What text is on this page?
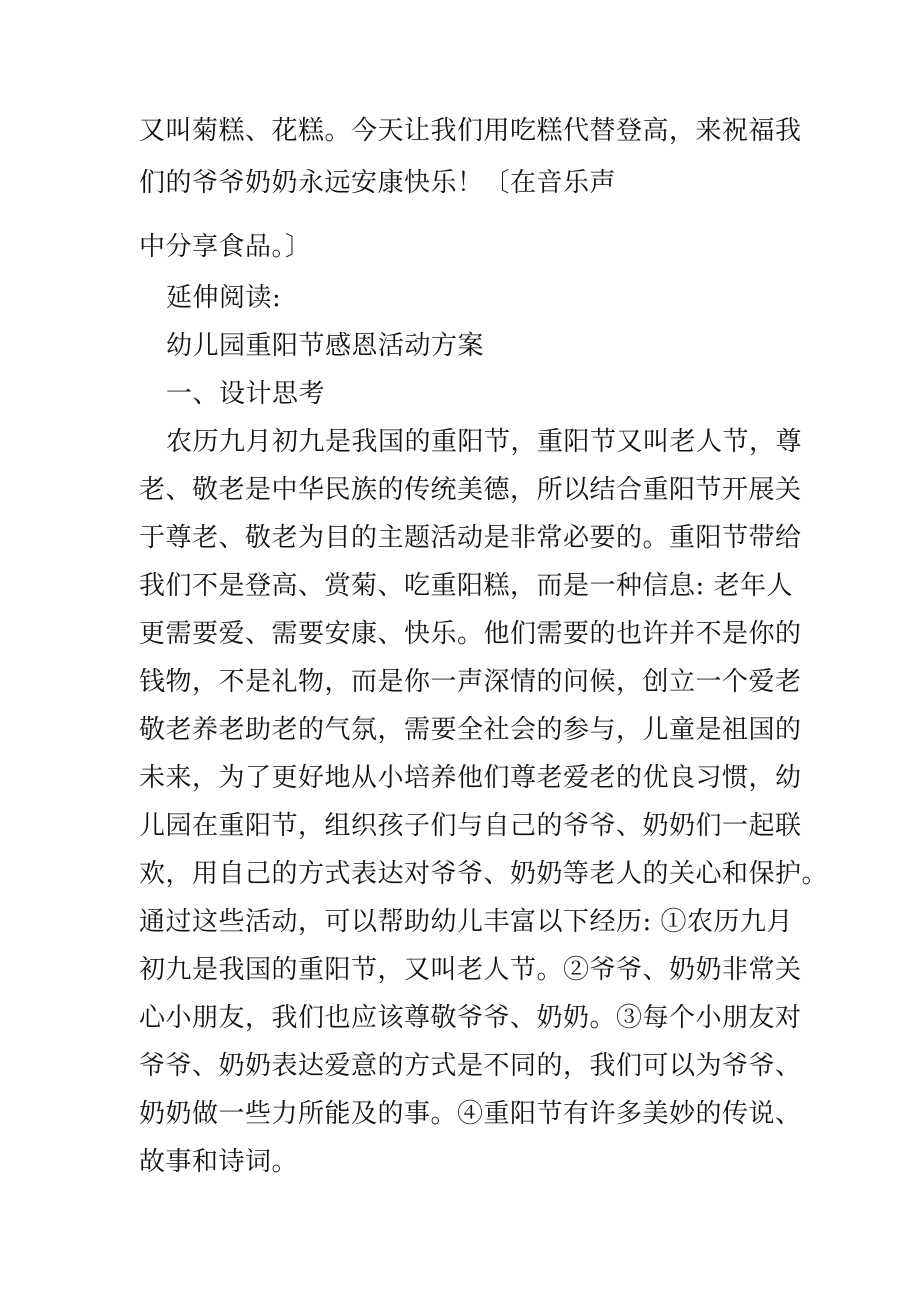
又叫菊糕、花糕。今天让我们用吃糕代替登高，来祝福我
们的爷爷奶奶永远安康快乐！〔在音乐声
中分享食品。〕
延伸阅读:
幼儿园重阳节感恩活动方案
一、设计思考
农历九月初九是我国的重阳节，重阳节又叫老人节，尊
老、敬老是中华民族的传统美德，所以结合重阳节开展关
于尊老、敬老为目的主题活动是非常必要的。重阳节带给
我们不是登高、赏菊、吃重阳糕，而是一种信息: 老年人
更需要爱、需要安康、快乐。他们需要的也许并不是你的
钱物，不是礼物，而是你一声深情的问候，创立一个爱老
敬老养老助老的气氛，需要全社会的参与，儿童是祖国的
未来，为了更好地从小培养他们尊老爱老的优良习惯，幼
儿园在重阳节，组织孩子们与自己的爷爷、奶奶们一起联
欢，用自己的方式表达对爷爷、奶奶等老人的关心和保护。
通过这些活动，可以帮助幼儿丰富以下经历: ①农历九月
初九是我国的重阳节，又叫老人节。②爷爷、奶奶非常关
心小朋友，我们也应该尊敬爷爷、奶奶。③每个小朋友对
爷爷、奶奶表达爱意的方式是不同的，我们可以为爷爷、
奶奶做一些力所能及的事。④重阳节有许多美妙的传说、
故事和诗词。
